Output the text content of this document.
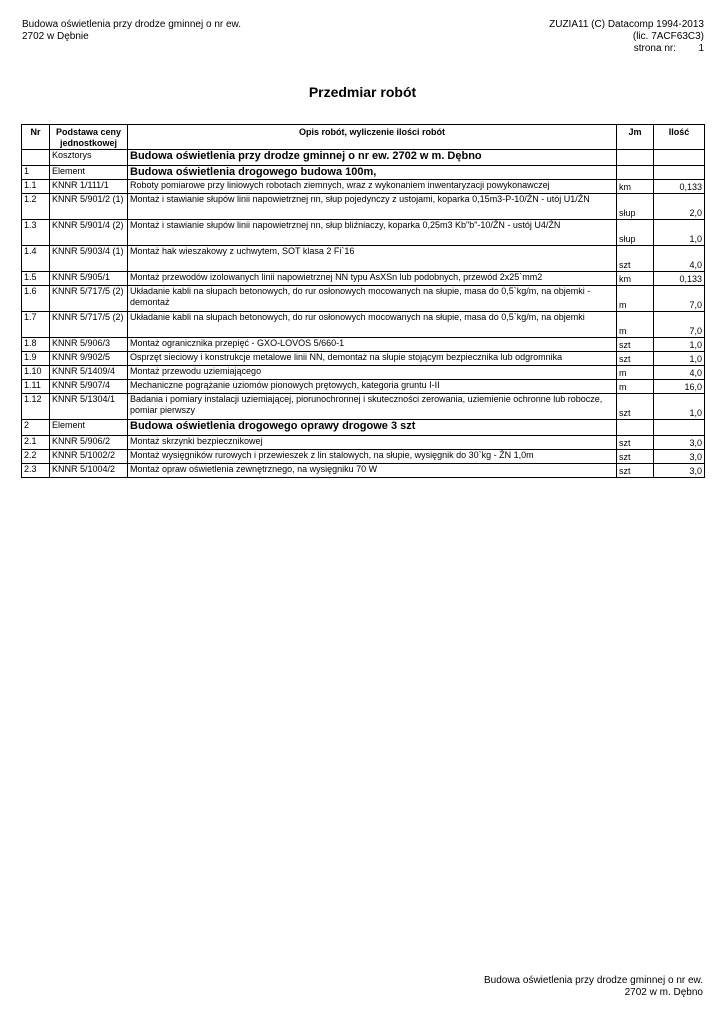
Budowa oświetlenia przy drodze gminnej o nr ew.
2702 w Dębnie
ZUZIA11 (C) Datacomp 1994-2013
(lic. 7ACF63C3)
strona nr: 1
Przedmiar robót
Nr	Podstawa ceny jednostkowej	Opis robót, wyliczenie ilości robót	Jm	Ilość
	Kosztorys	Budowa oświetlenia przy drodze gminnej o nr ew. 2702 w m. Dębno		
1	Element	Budowa oświetlenia drogowego budowa 100m,		
1.1	KNNR 1/111/1	Roboty pomiarowe przy liniowych robotach ziemnych, wraz z wykonaniem inwentaryzacji powykonawczej	km	0,133
1.2	KNNR 5/901/2 (1)	Montaż i stawianie słupów linii napowietrznej nn, słup pojedynczy z ustojami, koparka 0,15m3-P-10/ŹN - utój U1/ŹN	słup	2,0
1.3	KNNR 5/901/4 (2)	Montaż i stawianie słupów linii napowietrznej nn, słup bliźniaczy, koparka 0,25m3 Kb"b"-10/ŹN - ustój U4/ŹN	słup	1,0
1.4	KNNR 5/903/4 (1)	Montaż hak wieszakowy z uchwytem, SOT klasa 2 Fi`16	szt	4,0
1.5	KNNR 5/905/1	Montaż przewodów izolowanych linii napowietrznej NN typu AsXSn lub podobnych, przewód 2x25`mm2	km	0,133
1.6	KNNR 5/717/5 (2)	Układanie kabli na słupach betonowych, do rur osłonowych mocowanych na słupie, masa do 0,5`kg/m, na objemki - demontaż	m	7,0
1.7	KNNR 5/717/5 (2)	Układanie kabli na słupach betonowych, do rur osłonowych mocowanych na słupie, masa do 0,5`kg/m, na objemki	m	7,0
1.8	KNNR 5/906/3	Montaż ogranicznika przepięć - GXO-LOVOS 5/660-1	szt	1,0
1.9	KNNR 9/902/5	Osprzęt sieciowy i konstrukcje metalowe linii NN, demontaż na słupie stojącym bezpiecznika lub odgromnika	szt	1,0
1.10	KNNR 5/1409/4	Montaż przewodu uziemiającego	m	4,0
1.11	KNNR 5/907/4	Mechaniczne pogrążanie uziomów pionowych prętowych, kategoria gruntu I-II	m	16,0
1.12	KNNR 5/1304/1	Badania i pomiary instalacji uziemiającej, piorunochronnej i skuteczności zerowania, uziemienie ochronne lub robocze, pomiar pierwszy	szt	1,0
2	Element	Budowa oświetlenia drogowego oprawy drogowe 3 szt		
2.1	KNNR 5/906/2	Montaż skrzynki bezpiecznikowej	szt	3,0
2.2	KNNR 5/1002/2	Montaż wysięgników rurowych i przewieszek z lin stalowych, na słupie, wysięgnik do 30`kg - ŹN 1,0m	szt	3,0
2.3	KNNR 5/1004/2	Montaż opraw oświetlenia zewnętrznego, na wysięgniku 70 W	szt	3,0
Budowa oświetlenia przy drodze gminnej o nr ew.
2702 w m. Dębno
